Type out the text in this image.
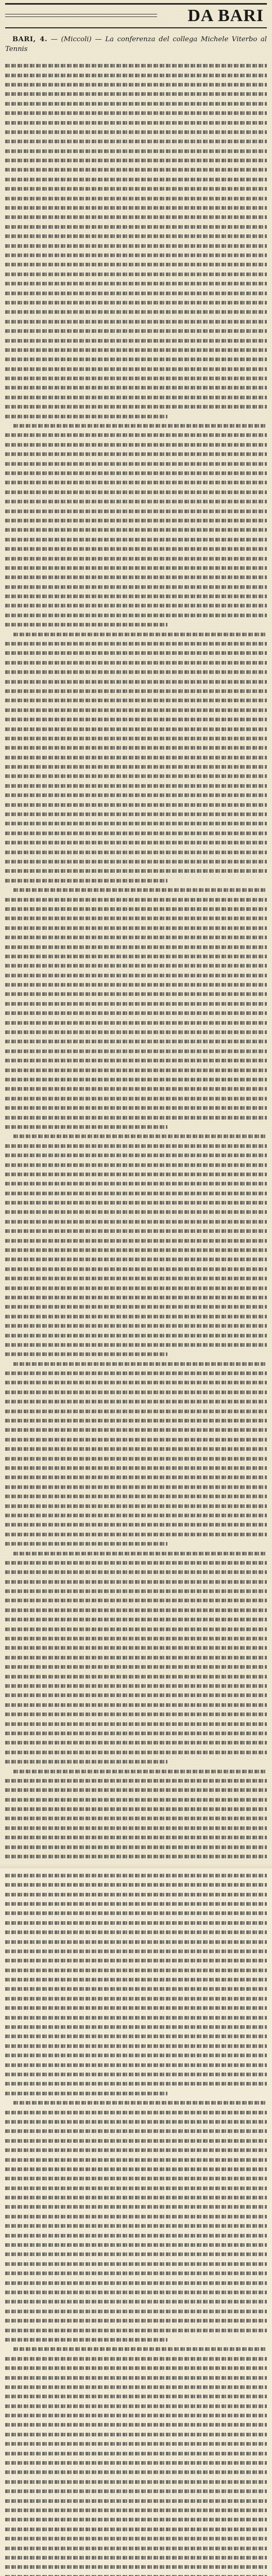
DA BARI

BARI, 4. — (Miccoli) — La conferenza del collega Michele Viterbo al Tennis
